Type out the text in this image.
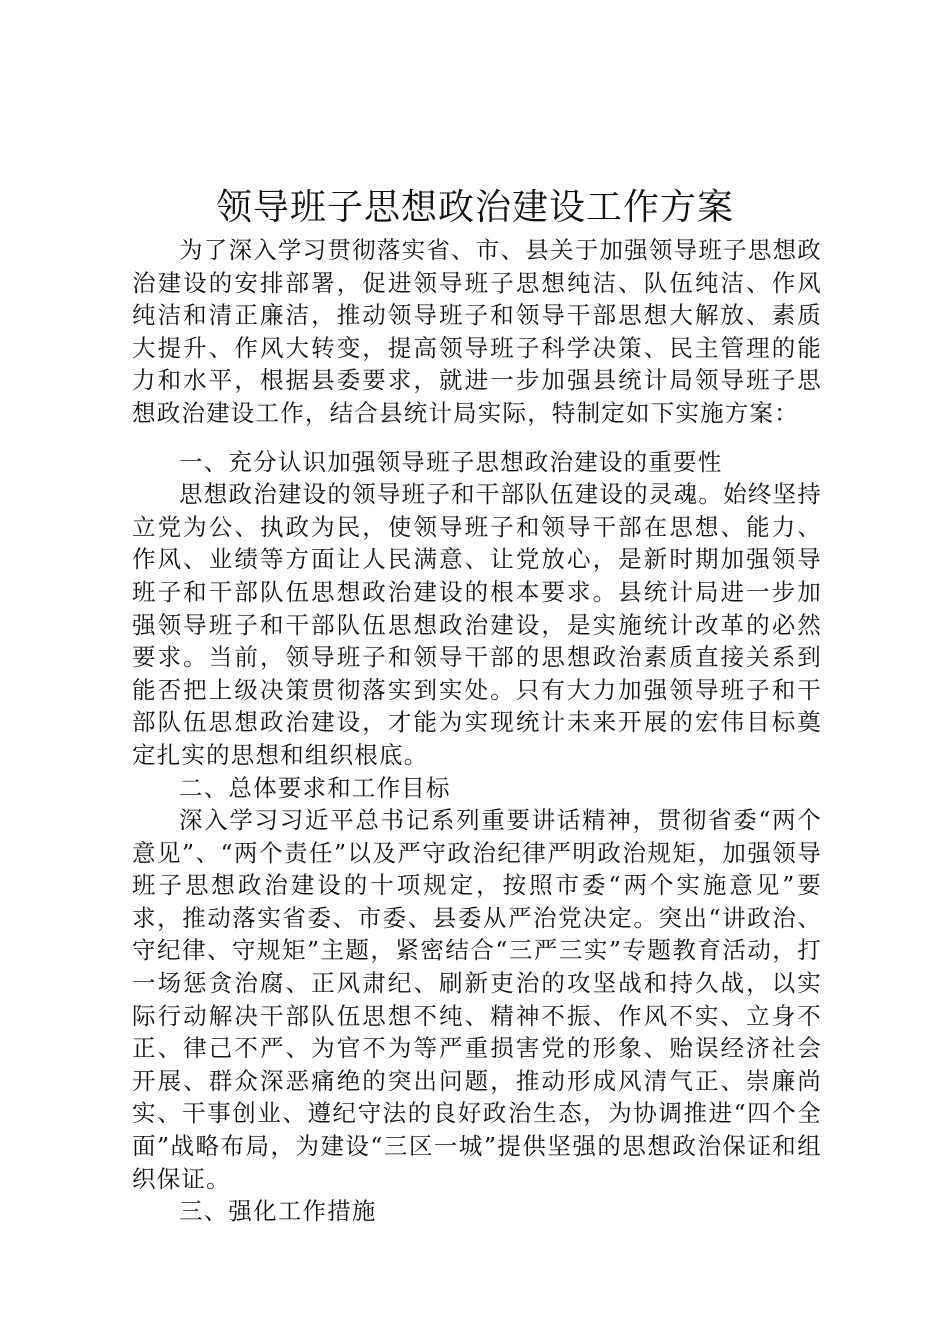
领导班子思想政治建设工作方案

为了深入学习贯彻落实省、市、县关于加强领导班子思想政治建设的安排部署，促进领导班子思想纯洁、队伍纯洁、作风纯洁和清正廉洁，推动领导班子和领导干部思想大解放、素质大提升、作风大转变，提高领导班子科学决策、民主管理的能力和水平，根据县委要求，就进一步加强县统计局领导班子思想政治建设工作，结合县统计局实际，特制定如下实施方案：

一、充分认识加强领导班子思想政治建设的重要性

思想政治建设的领导班子和干部队伍建设的灵魂。始终坚持立党为公、执政为民，使领导班子和领导干部在思想、能力、作风、业绩等方面让人民满意、让党放心，是新时期加强领导班子和干部队伍思想政治建设的根本要求。县统计局进一步加强领导班子和干部队伍思想政治建设，是实施统计改革的必然要求。当前，领导班子和领导干部的思想政治素质直接关系到能否把上级决策贯彻落实到实处。只有大力加强领导班子和干部队伍思想政治建设，才能为实现统计未来开展的宏伟目标奠定扎实的思想和组织根底。

二、总体要求和工作目标

深入学习习近平总书记系列重要讲话精神，贯彻省委“两个意见”、“两个责任”以及严守政治纪律严明政治规矩，加强领导班子思想政治建设的十项规定，按照市委“两个实施意见”要求，推动落实省委、市委、县委从严治党决定。突出“讲政治、守纪律、守规矩”主题，紧密结合“三严三实”专题教育活动，打一场惩贪治腐、正风肃纪、刷新吏治的攻坚战和持久战，以实际行动解决干部队伍思想不纯、精神不振、作风不实、立身不正、律己不严、为官不为等严重损害党的形象、贻误经济社会开展、群众深恶痛绝的突出问题，推动形成风清气正、崇廉尚实、干事创业、遵纪守法的良好政治生态，为协调推进“四个全面”战略布局，为建设“三区一城”提供坚强的思想政治保证和组织保证。

三、强化工作措施
